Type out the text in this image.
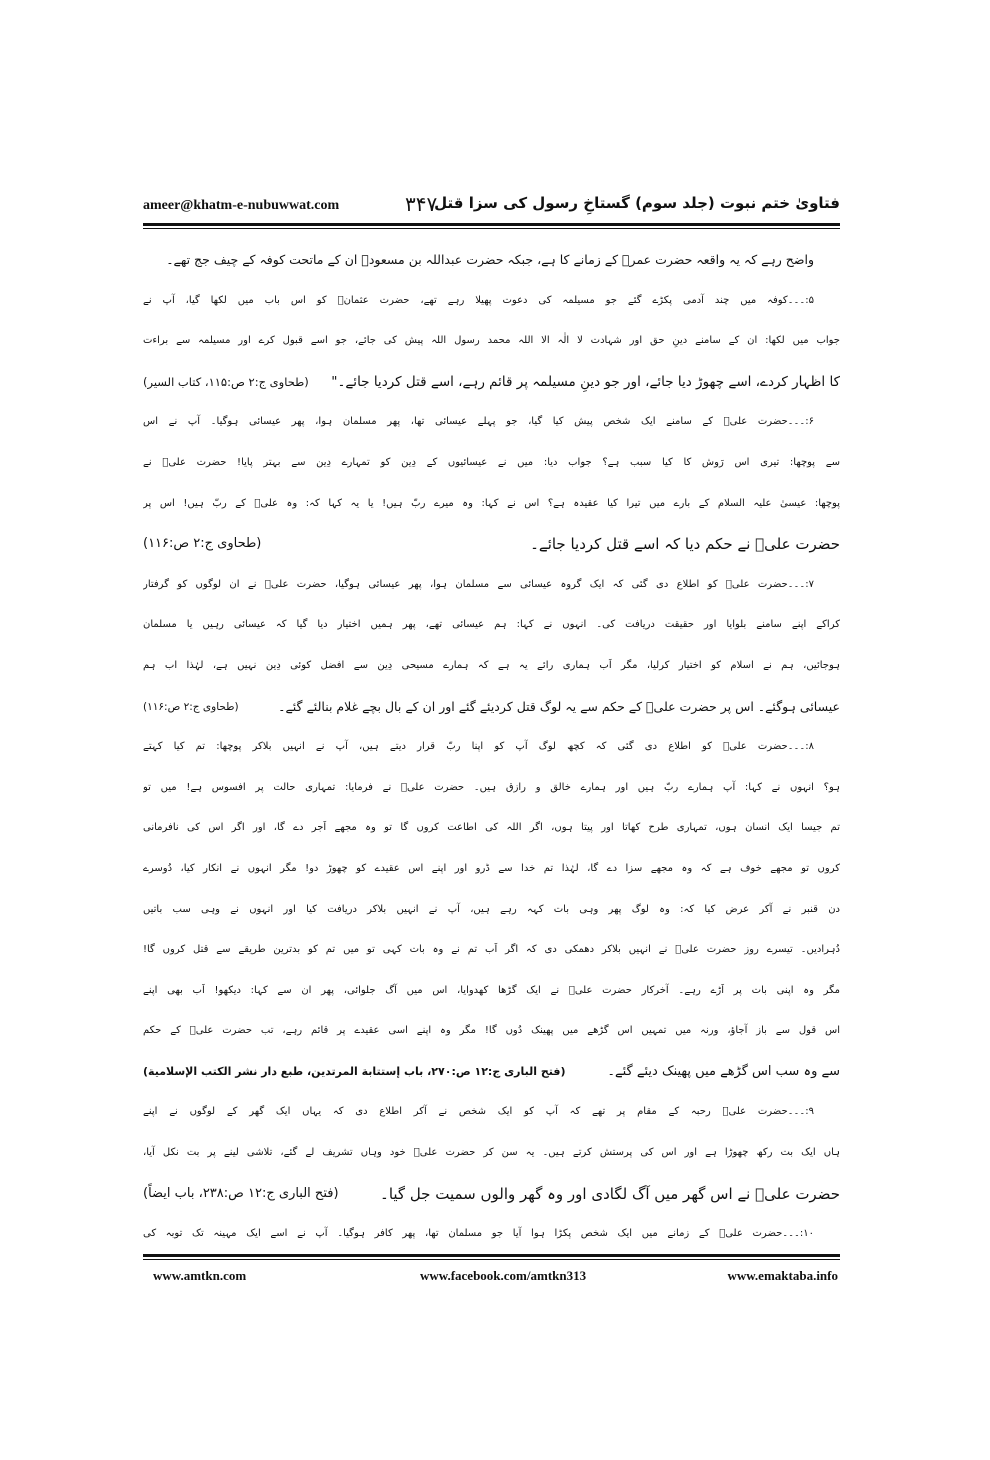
ameer@khatm-e-nubuwwat.com	۳۴۷
فتاویٰ ختم نبوت (جلد سوم) گستاخِ رسول کی سزا قتل
واضح رہے کہ یہ واقعہ حضرت عمرؓ کے زمانے کا ہے، جبکہ حضرت عبداللہ بن مسعودؓ ان کے ماتحت کوفہ کے چیف جج تھے۔
۵:۔۔۔کوفہ میں چند آدمی پکڑے گئے جو مسیلمہ کی دعوت پھیلا رہے تھے، حضرت عثمانؓ کو اس باب میں لکھا گیا، آپ نے
جواب میں لکھا: ان کے سامنے دینِ حق اور شہادت لا الٰہ الا اللہ محمد رسول اللہ پیش کی جائے، جو اسے قبول کرے اور مسیلمہ سے براءت
کا اظہار کردے، اسے چھوڑ دیا جائے، اور جو دینِ مسیلمہ پر قائم رہے، اسے قتل کردیا جائے۔"
(طحاوی ج:۲ ص:۱۱۵، کتاب السیر)
۶:۔۔۔حضرت علیؓ کے سامنے ایک شخص پیش کیا گیا، جو پہلے عیسائی تھا، پھر مسلمان ہوا، پھر عیسائی ہوگیا۔ آپ نے اس
سے پوچھا: تیری اس رَوش کا کیا سبب ہے؟ جواب دیا: میں نے عیسائیوں کے دِین کو تمہارے دِین سے بہتر پایا! حضرت علیؓ نے
پوچھا: عیسیٰ علیہ السلام کے بارے میں تیرا کیا عقیدہ ہے؟ اس نے کہا: وہ میرے ربّ ہیں! یا یہ کہا کہ: وہ علیؓ کے ربّ ہیں! اس پر
حضرت علیؓ نے حکم دیا کہ اسے قتل کردیا جائے۔
(طحاوی ج:۲ ص:۱۱۶)
۷:۔۔۔حضرت علیؓ کو اطلاع دی گئی کہ ایک گروہ عیسائی سے مسلمان ہوا، پھر عیسائی ہوگیا، حضرت علیؓ نے ان لوگوں کو گرفتار
کراکے اپنے سامنے بلوایا اور حقیقت دریافت کی۔ انہوں نے کہا: ہم عیسائی تھے، پھر ہمیں اختیار دیا گیا کہ عیسائی رہیں یا مسلمان
ہوجائیں، ہم نے اسلام کو اختیار کرلیا، مگر اَب ہماری رائے یہ ہے کہ ہمارے مسیحی دِین سے افضل کوئی دِین نہیں ہے، لہٰذا اب ہم
عیسائی ہوگئے۔ اس پر حضرت علیؓ کے حکم سے یہ لوگ قتل کردیئے گئے اور ان کے بال بچے غلام بنالئے گئے۔
(طحاوی ج:۲ ص:۱۱۶)
۸:۔۔۔حضرت علیؓ کو اطلاع دی گئی کہ کچھ لوگ آپ کو اپنا ربّ قرار دیتے ہیں، آپ نے انہیں بلاکر پوچھا: تم کیا کہتے
ہو؟ انہوں نے کہا: آپ ہمارے ربّ ہیں اور ہمارے خالق و رازق ہیں۔ حضرت علیؓ نے فرمایا: تمہاری حالت پر افسوس ہے! میں تو
تم جیسا ایک انسان ہوں، تمہاری طرح کھاتا اور پیتا ہوں، اگر اللہ کی اطاعت کروں گا تو وہ مجھے اَجر دے گا، اور اگر اس کی نافرمانی
کروں تو مجھے خوف ہے کہ وہ مجھے سزا دے گا، لہٰذا تم خدا سے ڈرو اور اپنے اس عقیدے کو چھوڑ دو! مگر انہوں نے انکار کیا، دُوسرے
دن قنبر نے آکر عرض کیا کہ: وہ لوگ پھر وہی بات کہہ رہے ہیں، آپ نے انہیں بلاکر دریافت کیا اور انہوں نے وہی سب باتیں
دُہرادیں۔ تیسرے روز حضرت علیؓ نے انہیں بلاکر دھمکی دی کہ اگر اَب تم نے وہ بات کہی تو میں تم کو بدترین طریقے سے قتل کروں گا!
مگر وہ اپنی بات پر اَڑے رہے۔ آخرکار حضرت علیؓ نے ایک گڑھا کھدوایا، اس میں آگ جلوائی، پھر ان سے کہا: دیکھو! اَب بھی اپنے
اس قول سے باز آجاؤ، ورنہ میں تمہیں اس گڑھے میں پھینک دُوں گا! مگر وہ اپنے اسی عقیدے پر قائم رہے، تب حضرت علیؓ کے حکم
سے وہ سب اس گڑھے میں پھینک دیئے گئے۔
(فتح الباری ج:۱۲ ص:۲۷۰، باب إستتابة المرتدین، طبع دار نشر الکتب الإسلامیة)
۹:۔۔۔حضرت علیؓ رحبہ کے مقام پر تھے کہ آپ کو ایک شخص نے آکر اطلاع دی کہ یہاں ایک گھر کے لوگوں نے اپنے
ہاں ایک بت رکھ چھوڑا ہے اور اس کی پرستش کرتے ہیں۔ یہ سن کر حضرت علیؓ خود وہاں تشریف لے گئے، تلاشی لینے پر بت نکل آیا،
حضرت علیؓ نے اس گھر میں آگ لگادی اور وہ گھر والوں سمیت جل گیا۔
(فتح الباری ج:۱۲ ص:۲۳۸، باب ایضاً)
۱۰:۔۔۔حضرت علیؓ کے زمانے میں ایک شخص پکڑا ہوا آیا جو مسلمان تھا، پھر کافر ہوگیا۔ آپ نے اسے ایک مہینہ تک توبہ کی
www.amtkn.com	www.facebook.com/amtkn313	www.emaktaba.info
